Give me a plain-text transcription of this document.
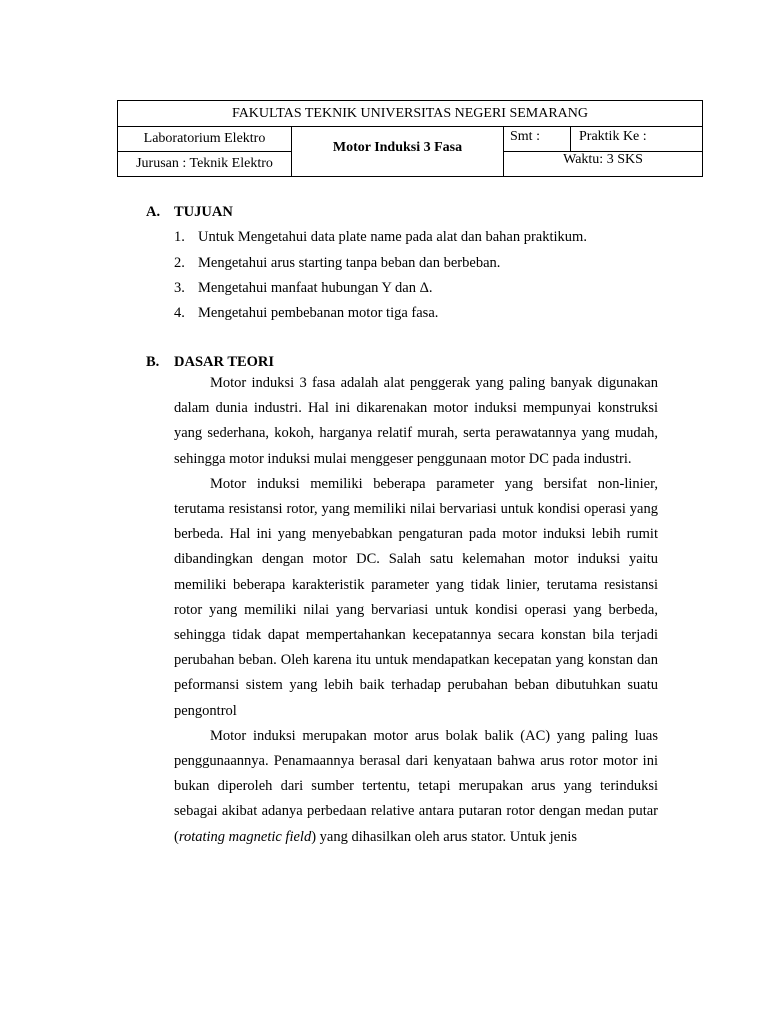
FAKULTAS TEKNIK UNIVERSITAS NEGERI SEMARANG
Laboratorium Elektro
Jurusan : Teknik Elektro
Motor Induksi 3 Fasa
Smt :	Praktik Ke :
Waktu: 3 SKS
A. TUJUAN
1. Untuk Mengetahui data plate name pada alat dan bahan praktikum.
2. Mengetahui arus starting tanpa beban dan berbeban.
3. Mengetahui manfaat hubungan Y dan Δ.
4. Mengetahui pembebanan motor tiga fasa.
B. DASAR TEORI

Motor induksi 3 fasa adalah alat penggerak yang paling banyak digunakan dalam dunia industri. Hal ini dikarenakan motor induksi mempunyai konstruksi yang sederhana, kokoh, harganya relatif murah, serta perawatannya yang mudah, sehingga motor induksi mulai menggeser penggunaan motor DC pada industri.

Motor induksi memiliki beberapa parameter yang bersifat non-linier, terutama resistansi rotor, yang memiliki nilai bervariasi untuk kondisi operasi yang berbeda. Hal ini yang menyebabkan pengaturan pada motor induksi lebih rumit dibandingkan dengan motor DC. Salah satu kelemahan motor induksi yaitu memiliki beberapa karakteristik parameter yang tidak linier, terutama resistansi rotor yang memiliki nilai yang bervariasi untuk kondisi operasi yang berbeda, sehingga tidak dapat mempertahankan kecepatannya secara konstan bila terjadi perubahan beban. Oleh karena itu untuk mendapatkan kecepatan yang konstan dan peformansi sistem yang lebih baik terhadap perubahan beban dibutuhkan suatu pengontrol

Motor induksi merupakan motor arus bolak balik (AC) yang paling luas penggunaannya. Penamaannya berasal dari kenyataan bahwa arus rotor motor ini bukan diperoleh dari sumber tertentu, tetapi merupakan arus yang terinduksi sebagai akibat adanya perbedaan relative antara putaran rotor dengan medan putar (rotating magnetic field) yang dihasilkan oleh arus stator. Untuk jenis
